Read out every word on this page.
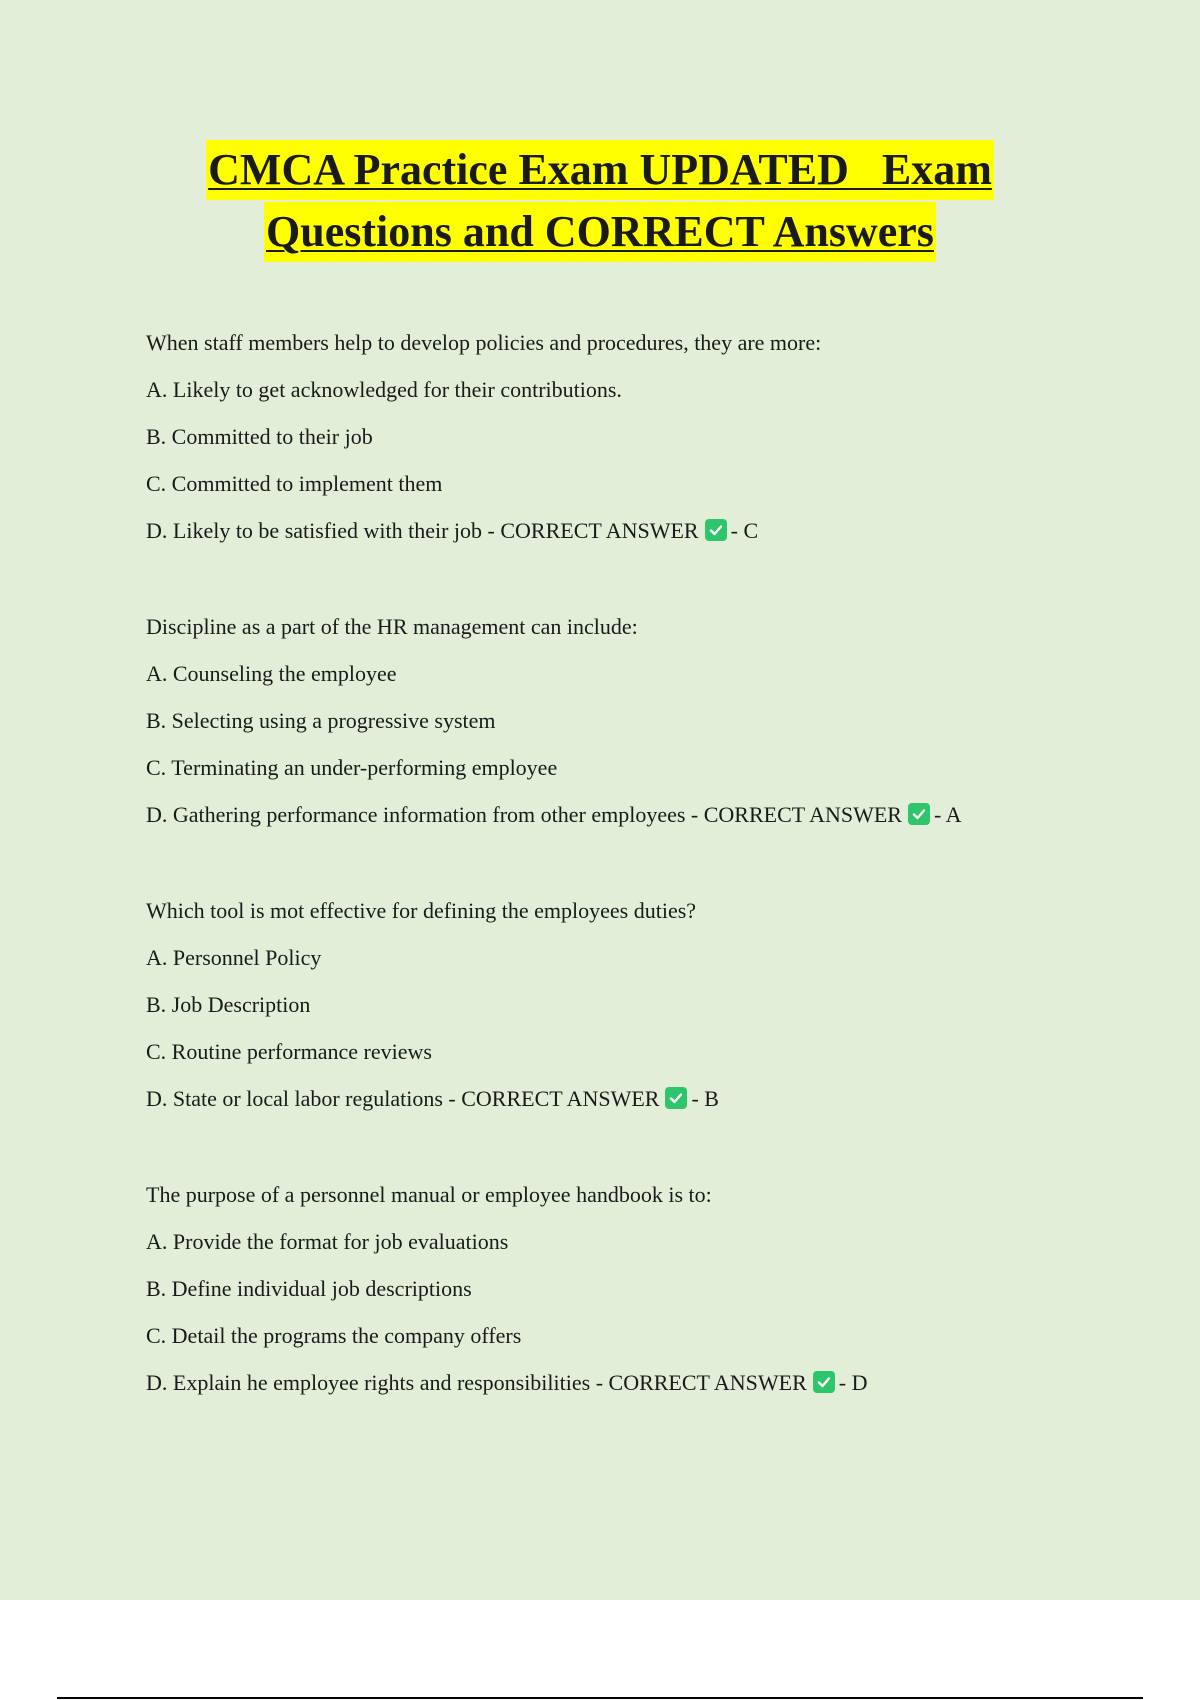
CMCA Practice Exam UPDATED   Exam
Questions and CORRECT Answers
When staff members help to develop policies and procedures, they are more:
A. Likely to get acknowledged for their contributions.
B. Committed to their job
C. Committed to implement them
D. Likely to be satisfied with their job - CORRECT ANSWER - C
Discipline as a part of the HR management can include:
A. Counseling the employee
B. Selecting using a progressive system
C. Terminating an under-performing employee
D. Gathering performance information from other employees - CORRECT ANSWER - A
Which tool is mot effective for defining the employees duties?
A. Personnel Policy
B. Job Description
C. Routine performance reviews
D. State or local labor regulations - CORRECT ANSWER - B
The purpose of a personnel manual or employee handbook is to:
A. Provide the format for job evaluations
B. Define individual job descriptions
C. Detail the programs the company offers
D. Explain he employee rights and responsibilities - CORRECT ANSWER - D
